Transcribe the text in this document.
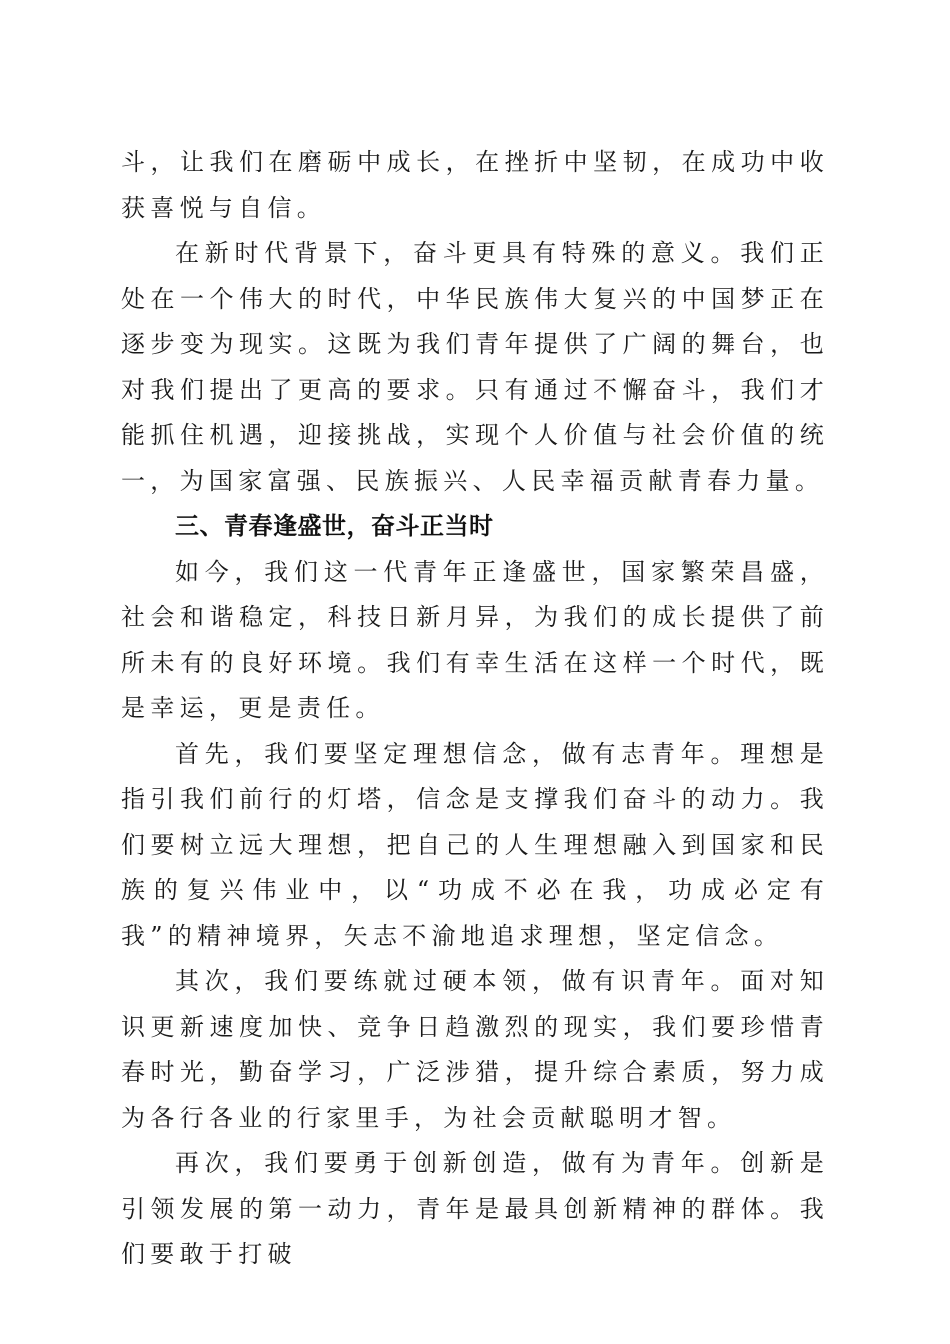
斗，让我们在磨砺中成长，在挫折中坚韧，在成功中收获喜悦与自信。

在新时代背景下，奋斗更具有特殊的意义。我们正处在一个伟大的时代，中华民族伟大复兴的中国梦正在逐步变为现实。这既为我们青年提供了广阔的舞台，也对我们提出了更高的要求。只有通过不懈奋斗，我们才能抓住机遇，迎接挑战，实现个人价值与社会价值的统一，为国家富强、民族振兴、人民幸福贡献青春力量。

三、青春逢盛世，奋斗正当时

如今，我们这一代青年正逢盛世，国家繁荣昌盛，社会和谐稳定，科技日新月异，为我们的成长提供了前所未有的良好环境。我们有幸生活在这样一个时代，既是幸运，更是责任。

首先，我们要坚定理想信念，做有志青年。理想是指引我们前行的灯塔，信念是支撑我们奋斗的动力。我们要树立远大理想，把自己的人生理想融入到国家和民族的复兴伟业中，以“功成不必在我，功成必定有我”的精神境界，矢志不渝地追求理想，坚定信念。

其次，我们要练就过硬本领，做有识青年。面对知识更新速度加快、竞争日趋激烈的现实，我们要珍惜青春时光，勤奋学习，广泛涉猎，提升综合素质，努力成为各行各业的行家里手，为社会贡献聪明才智。

再次，我们要勇于创新创造，做有为青年。创新是引领发展的第一动力，青年是最具创新精神的群体。我们要敢于打破
